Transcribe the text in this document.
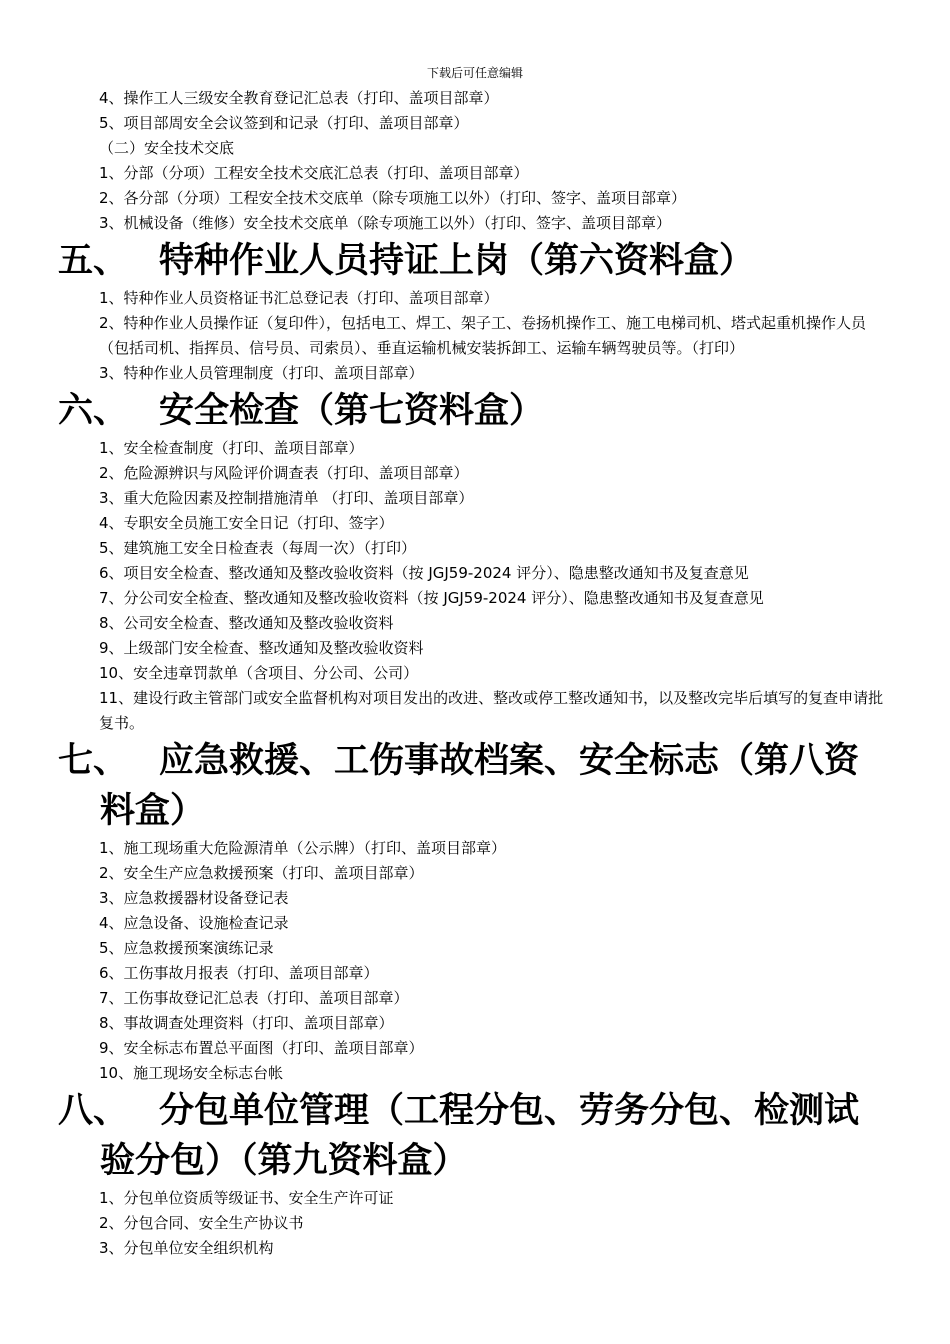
下载后可任意编辑
4、操作工人三级安全教育登记汇总表（打印、盖项目部章）
5、项目部周安全会议签到和记录（打印、盖项目部章）
（二）安全技术交底
1、分部（分项）工程安全技术交底汇总表（打印、盖项目部章）
2、各分部（分项）工程安全技术交底单（除专项施工以外）（打印、签字、盖项目部章）
3、机械设备（维修）安全技术交底单（除专项施工以外）（打印、签字、盖项目部章）
五、 特种作业人员持证上岗（第六资料盒）
1、特种作业人员资格证书汇总登记表（打印、盖项目部章）
2、特种作业人员操作证（复印件），包括电工、焊工、架子工、卷扬机操作工、施工电梯司机、塔式起重机操作人员（包括司机、指挥员、信号员、司索员）、垂直运输机械安装拆卸工、运输车辆驾驶员等。（打印）
3、特种作业人员管理制度（打印、盖项目部章）
六、 安全检查（第七资料盒）
1、安全检查制度（打印、盖项目部章）
2、危险源辨识与风险评价调查表（打印、盖项目部章）
3、重大危险因素及控制措施清单 （打印、盖项目部章）
4、专职安全员施工安全日记（打印、签字）
5、建筑施工安全日检查表（每周一次）（打印）
6、项目安全检查、整改通知及整改验收资料（按 JGJ59-2024 评分）、隐患整改通知书及复查意见
7、分公司安全检查、整改通知及整改验收资料（按 JGJ59-2024 评分）、隐患整改通知书及复查意见
8、公司安全检查、整改通知及整改验收资料
9、上级部门安全检查、整改通知及整改验收资料
10、安全违章罚款单（含项目、分公司、公司）
11、建设行政主管部门或安全监督机构对项目发出的改进、整改或停工整改通知书，以及整改完毕后填写的复查申请批复书。
七、 应急救援、工伤事故档案、安全标志（第八资
料盒）
1、施工现场重大危险源清单（公示牌）（打印、盖项目部章）
2、安全生产应急救援预案（打印、盖项目部章）
3、应急救援器材设备登记表
4、应急设备、设施检查记录
5、应急救援预案演练记录
6、工伤事故月报表（打印、盖项目部章）
7、工伤事故登记汇总表（打印、盖项目部章）
8、事故调查处理资料（打印、盖项目部章）
9、安全标志布置总平面图（打印、盖项目部章）
10、施工现场安全标志台帐
八、 分包单位管理（工程分包、劳务分包、检测试
验分包）（第九资料盒）
1、分包单位资质等级证书、安全生产许可证
2、分包合同、安全生产协议书
3、分包单位安全组织机构
